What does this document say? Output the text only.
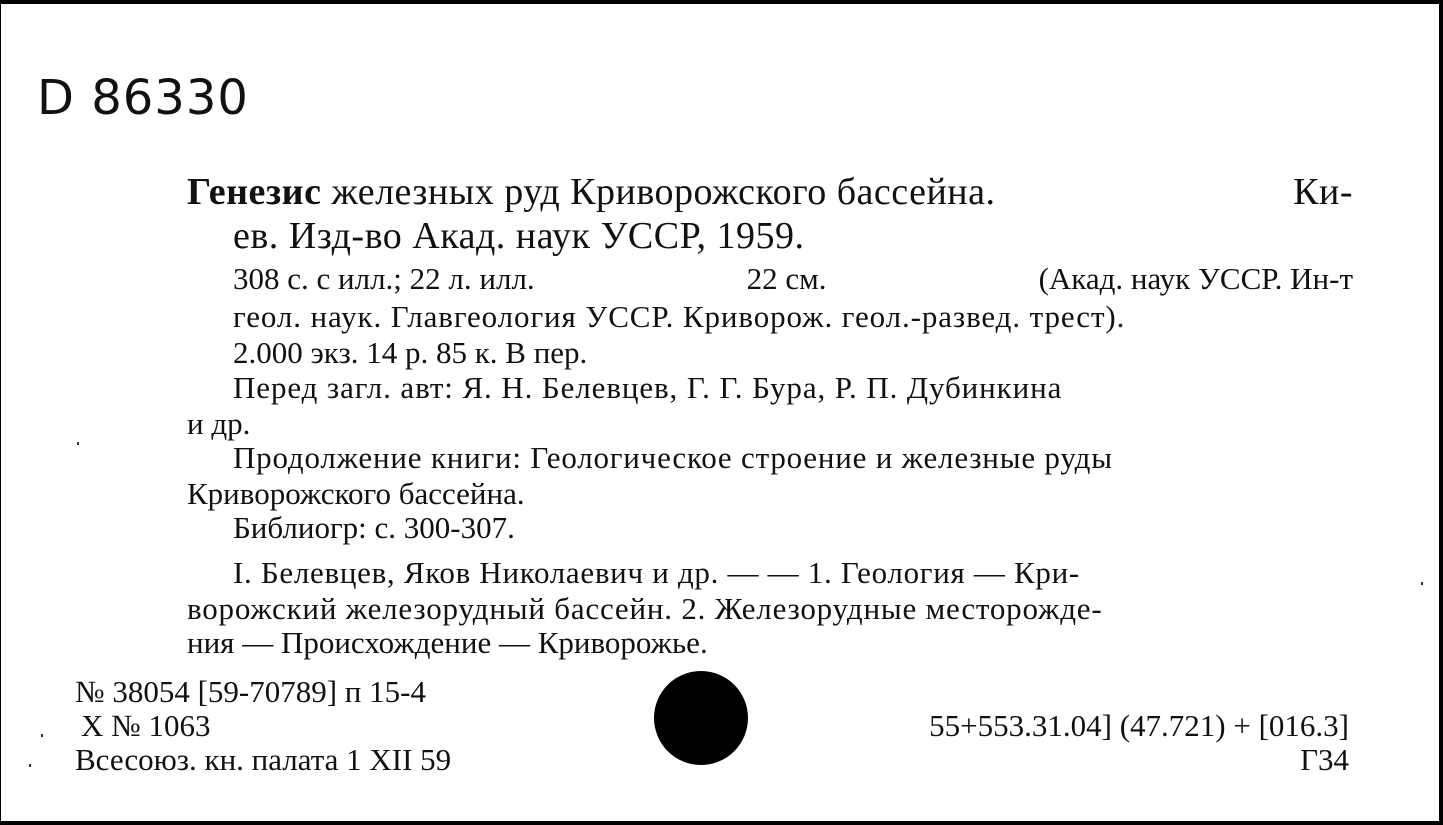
D 86330
Генезис железных руд Криворожского бассейна.	Ки-
ев. Изд-во Акад. наук УССР, 1959.
308 с. с илл.; 22 л. илл.	22 см.	(Акад. наук УССР. Ин-т
геол. наук. Главгеология УССР. Криворож. геол.-развед. трест).
2.000 экз. 14 р. 85 к. В пер.
Перед загл. авт: Я. Н. Белевцев, Г. Г. Бура, Р. П. Дубинкина
и др.
Продолжение книги: Геологическое строение и железные руды
Криворожского бассейна.
Библиогр: с. 300-307.
I. Белевцев, Яков Николаевич и др. — — 1. Геология — Кри-
ворожский железорудный бассейн. 2. Железорудные месторожде-
ния — Происхождение — Криворожье.
№ 38054 [59-70789] п 15-4
Х № 1063
Всесоюз. кн. палата 1 XII 59
55+553.31.04] (47.721) + [016.3]
Г34
